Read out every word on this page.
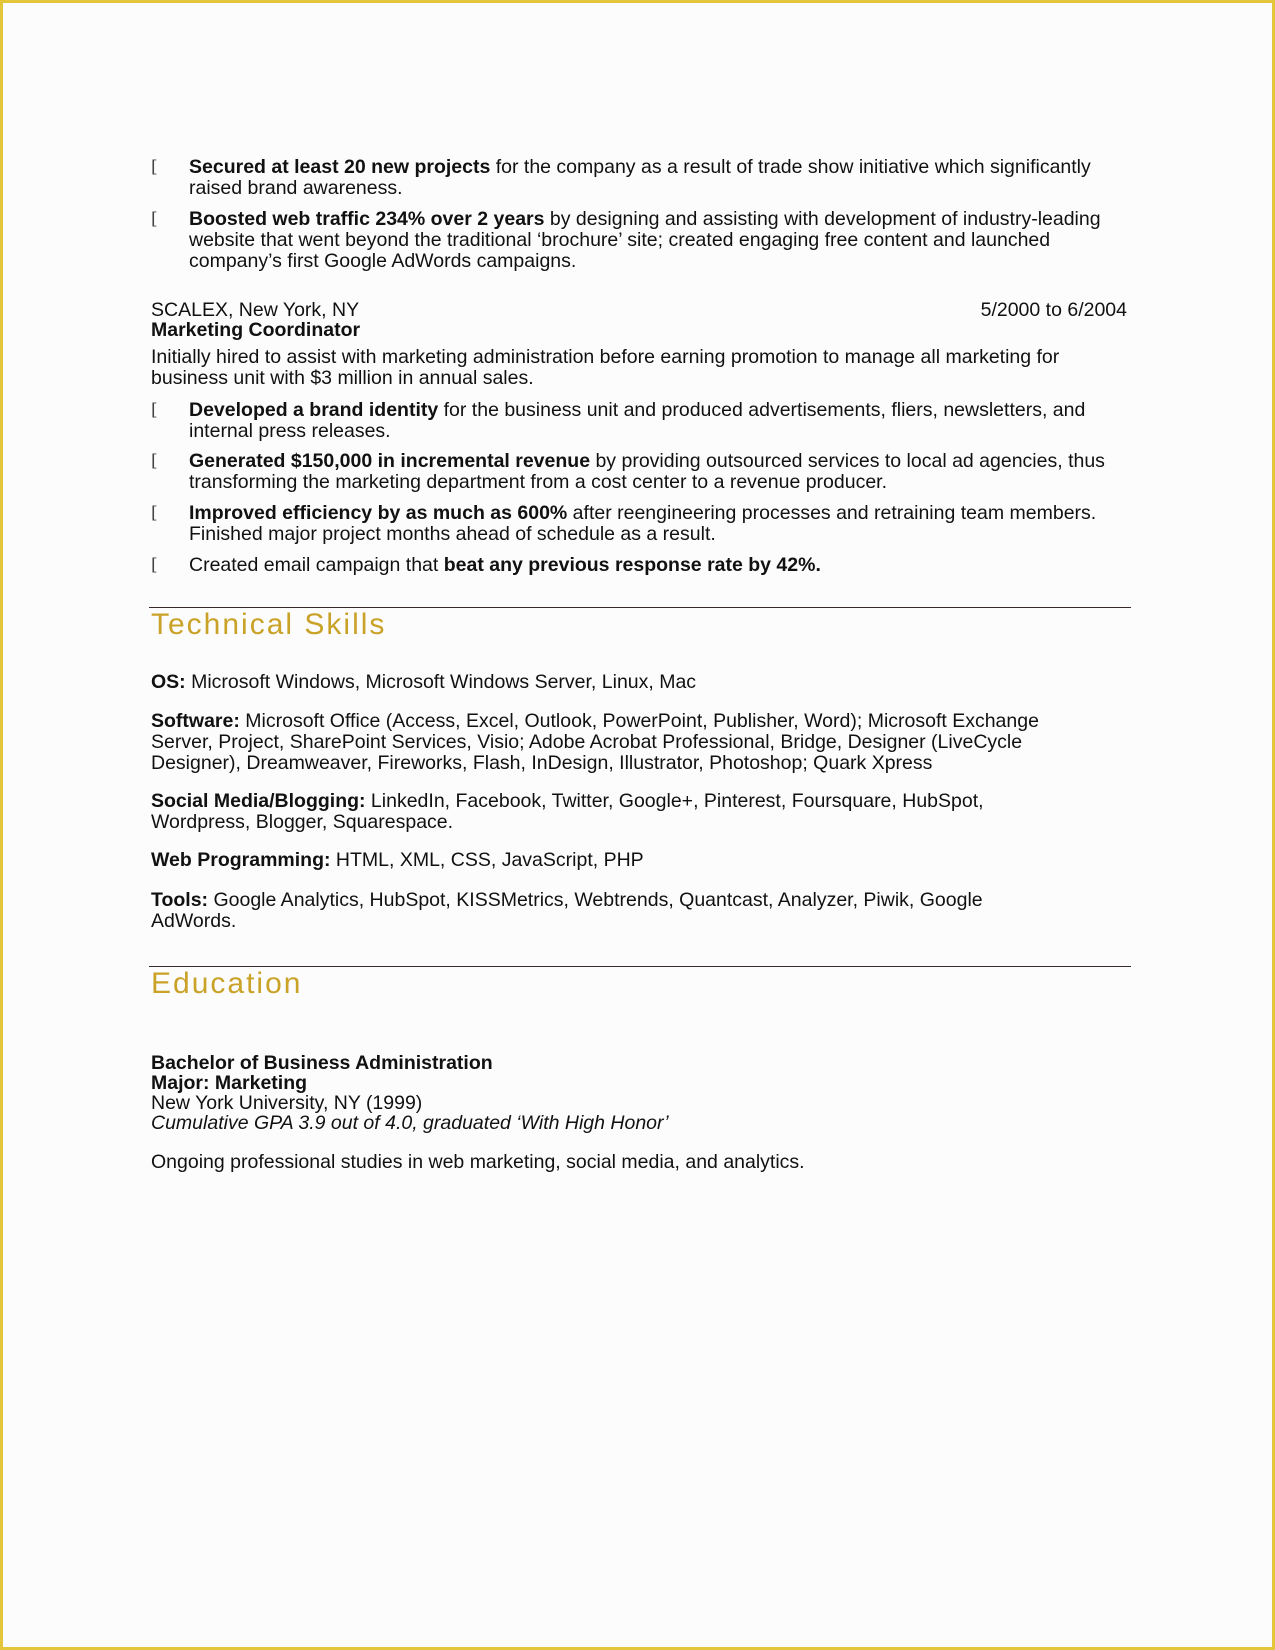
[ Secured at least 20 new projects for the company as a result of trade show initiative which significantly raised brand awareness.
[ Boosted web traffic 234% over 2 years by designing and assisting with development of industry-leading website that went beyond the traditional ‘brochure’ site; created engaging free content and launched company’s first Google AdWords campaigns.
SCALEX, New York, NY	5/2000 to 6/2004
Marketing Coordinator
Initially hired to assist with marketing administration before earning promotion to manage all marketing for business unit with $3 million in annual sales.
[ Developed a brand identity for the business unit and produced advertisements, fliers, newsletters, and internal press releases.
[ Generated $150,000 in incremental revenue by providing outsourced services to local ad agencies, thus transforming the marketing department from a cost center to a revenue producer.
[ Improved efficiency by as much as 600% after reengineering processes and retraining team members. Finished major project months ahead of schedule as a result.
[ Created email campaign that beat any previous response rate by 42%.
Technical Skills
OS: Microsoft Windows, Microsoft Windows Server, Linux, Mac
Software: Microsoft Office (Access, Excel, Outlook, PowerPoint, Publisher, Word); Microsoft Exchange Server, Project, SharePoint Services, Visio; Adobe Acrobat Professional, Bridge, Designer (LiveCycle Designer), Dreamweaver, Fireworks, Flash, InDesign, Illustrator, Photoshop; Quark Xpress
Social Media/Blogging: LinkedIn, Facebook, Twitter, Google+, Pinterest, Foursquare, HubSpot, Wordpress, Blogger, Squarespace.
Web Programming: HTML, XML, CSS, JavaScript, PHP
Tools: Google Analytics, HubSpot, KISSMetrics, Webtrends, Quantcast, Analyzer, Piwik, Google AdWords.
Education
Bachelor of Business Administration
Major: Marketing
New York University, NY (1999)
Cumulative GPA 3.9 out of 4.0, graduated ‘With High Honor’
Ongoing professional studies in web marketing, social media, and analytics.
